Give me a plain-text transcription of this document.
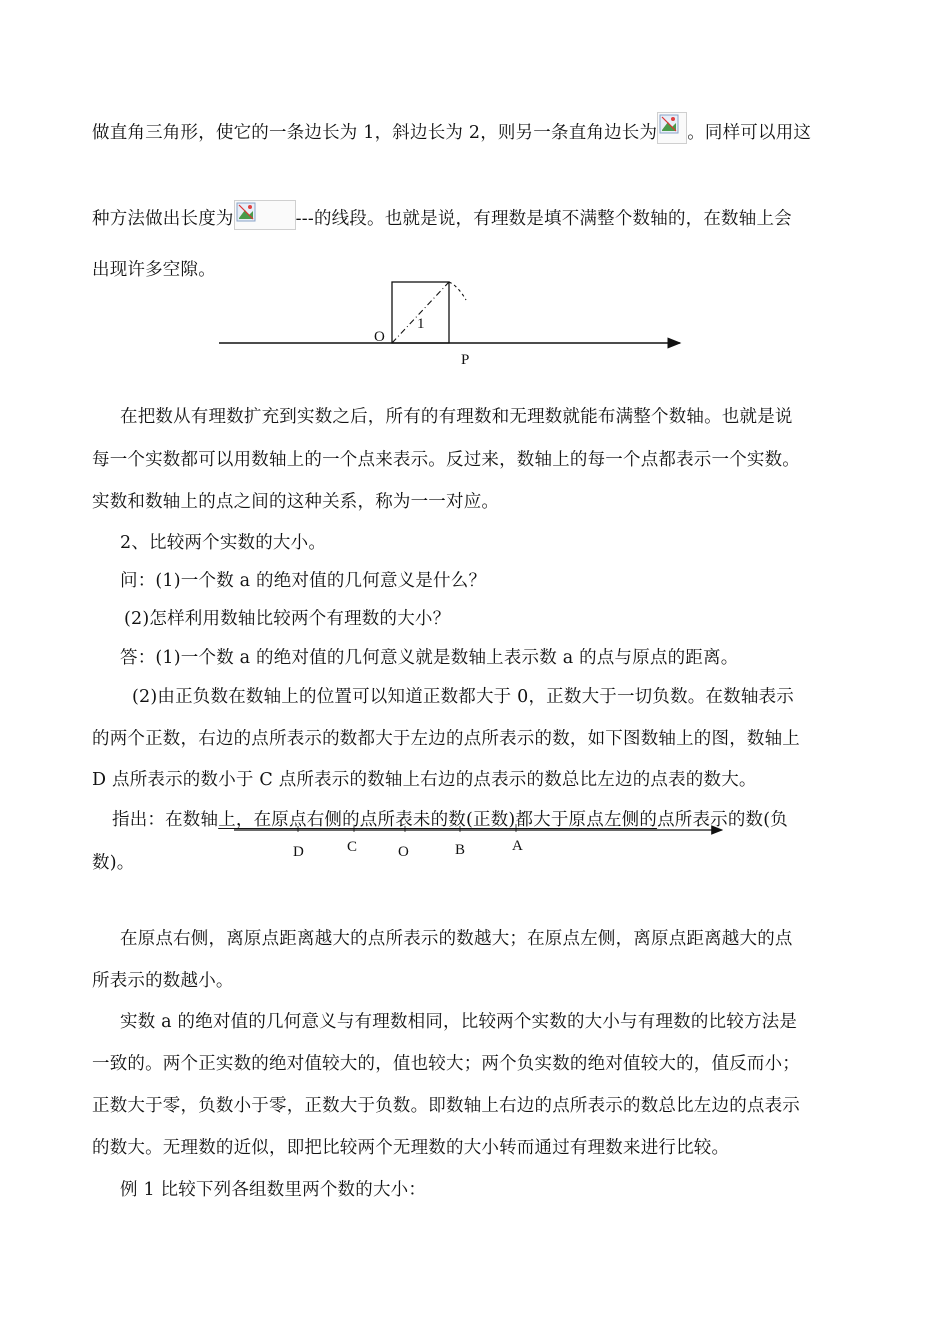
做直角三角形，使它的一条边长为 1，斜边长为 2，则另一条直角边长为 。同样可以用这
种方法做出长度为	---的线段。也就是说，有理数是填不满整个数轴的，在数轴上会
出现许多空隙。
O
1
P
在把数从有理数扩充到实数之后，所有的有理数和无理数就能布满整个数轴。也就是说
每一个实数都可以用数轴上的一个点来表示。反过来，数轴上的每一个点都表示一个实数。
实数和数轴上的点之间的这种关系，称为一一对应。
2、比较两个实数的大小。
问：(1)一个数 a 的绝对值的几何意义是什么？
(2)怎样利用数轴比较两个有理数的大小？
答：(1)一个数 a 的绝对值的几何意义就是数轴上表示数 a 的点与原点的距离。
(2)由正负数在数轴上的位置可以知道正数都大于 0，正数大于一切负数。在数轴表示
的两个正数，右边的点所表示的数都大于左边的点所表示的数，如下图数轴上的图，数轴上
D 点所表示的数小于 C 点所表示的数轴上右边的点表示的数总比左边的点表的数大。
指出：在数轴上，在原点右侧的点所表未的数(正数)都大于原点左侧的点所表示的数(负
D	C	O	B	A
数)。
在原点右侧，离原点距离越大的点所表示的数越大；在原点左侧，离原点距离越大的点
所表示的数越小。
实数 a 的绝对值的几何意义与有理数相同，比较两个实数的大小与有理数的比较方法是
一致的。两个正实数的绝对值较大的，值也较大；两个负实数的绝对值较大的，值反而小；
正数大于零，负数小于零，正数大于负数。即数轴上右边的点所表示的数总比左边的点表示
的数大。无理数的近似，即把比较两个无理数的大小转而通过有理数来进行比较。
例 1 比较下列各组数里两个数的大小：
